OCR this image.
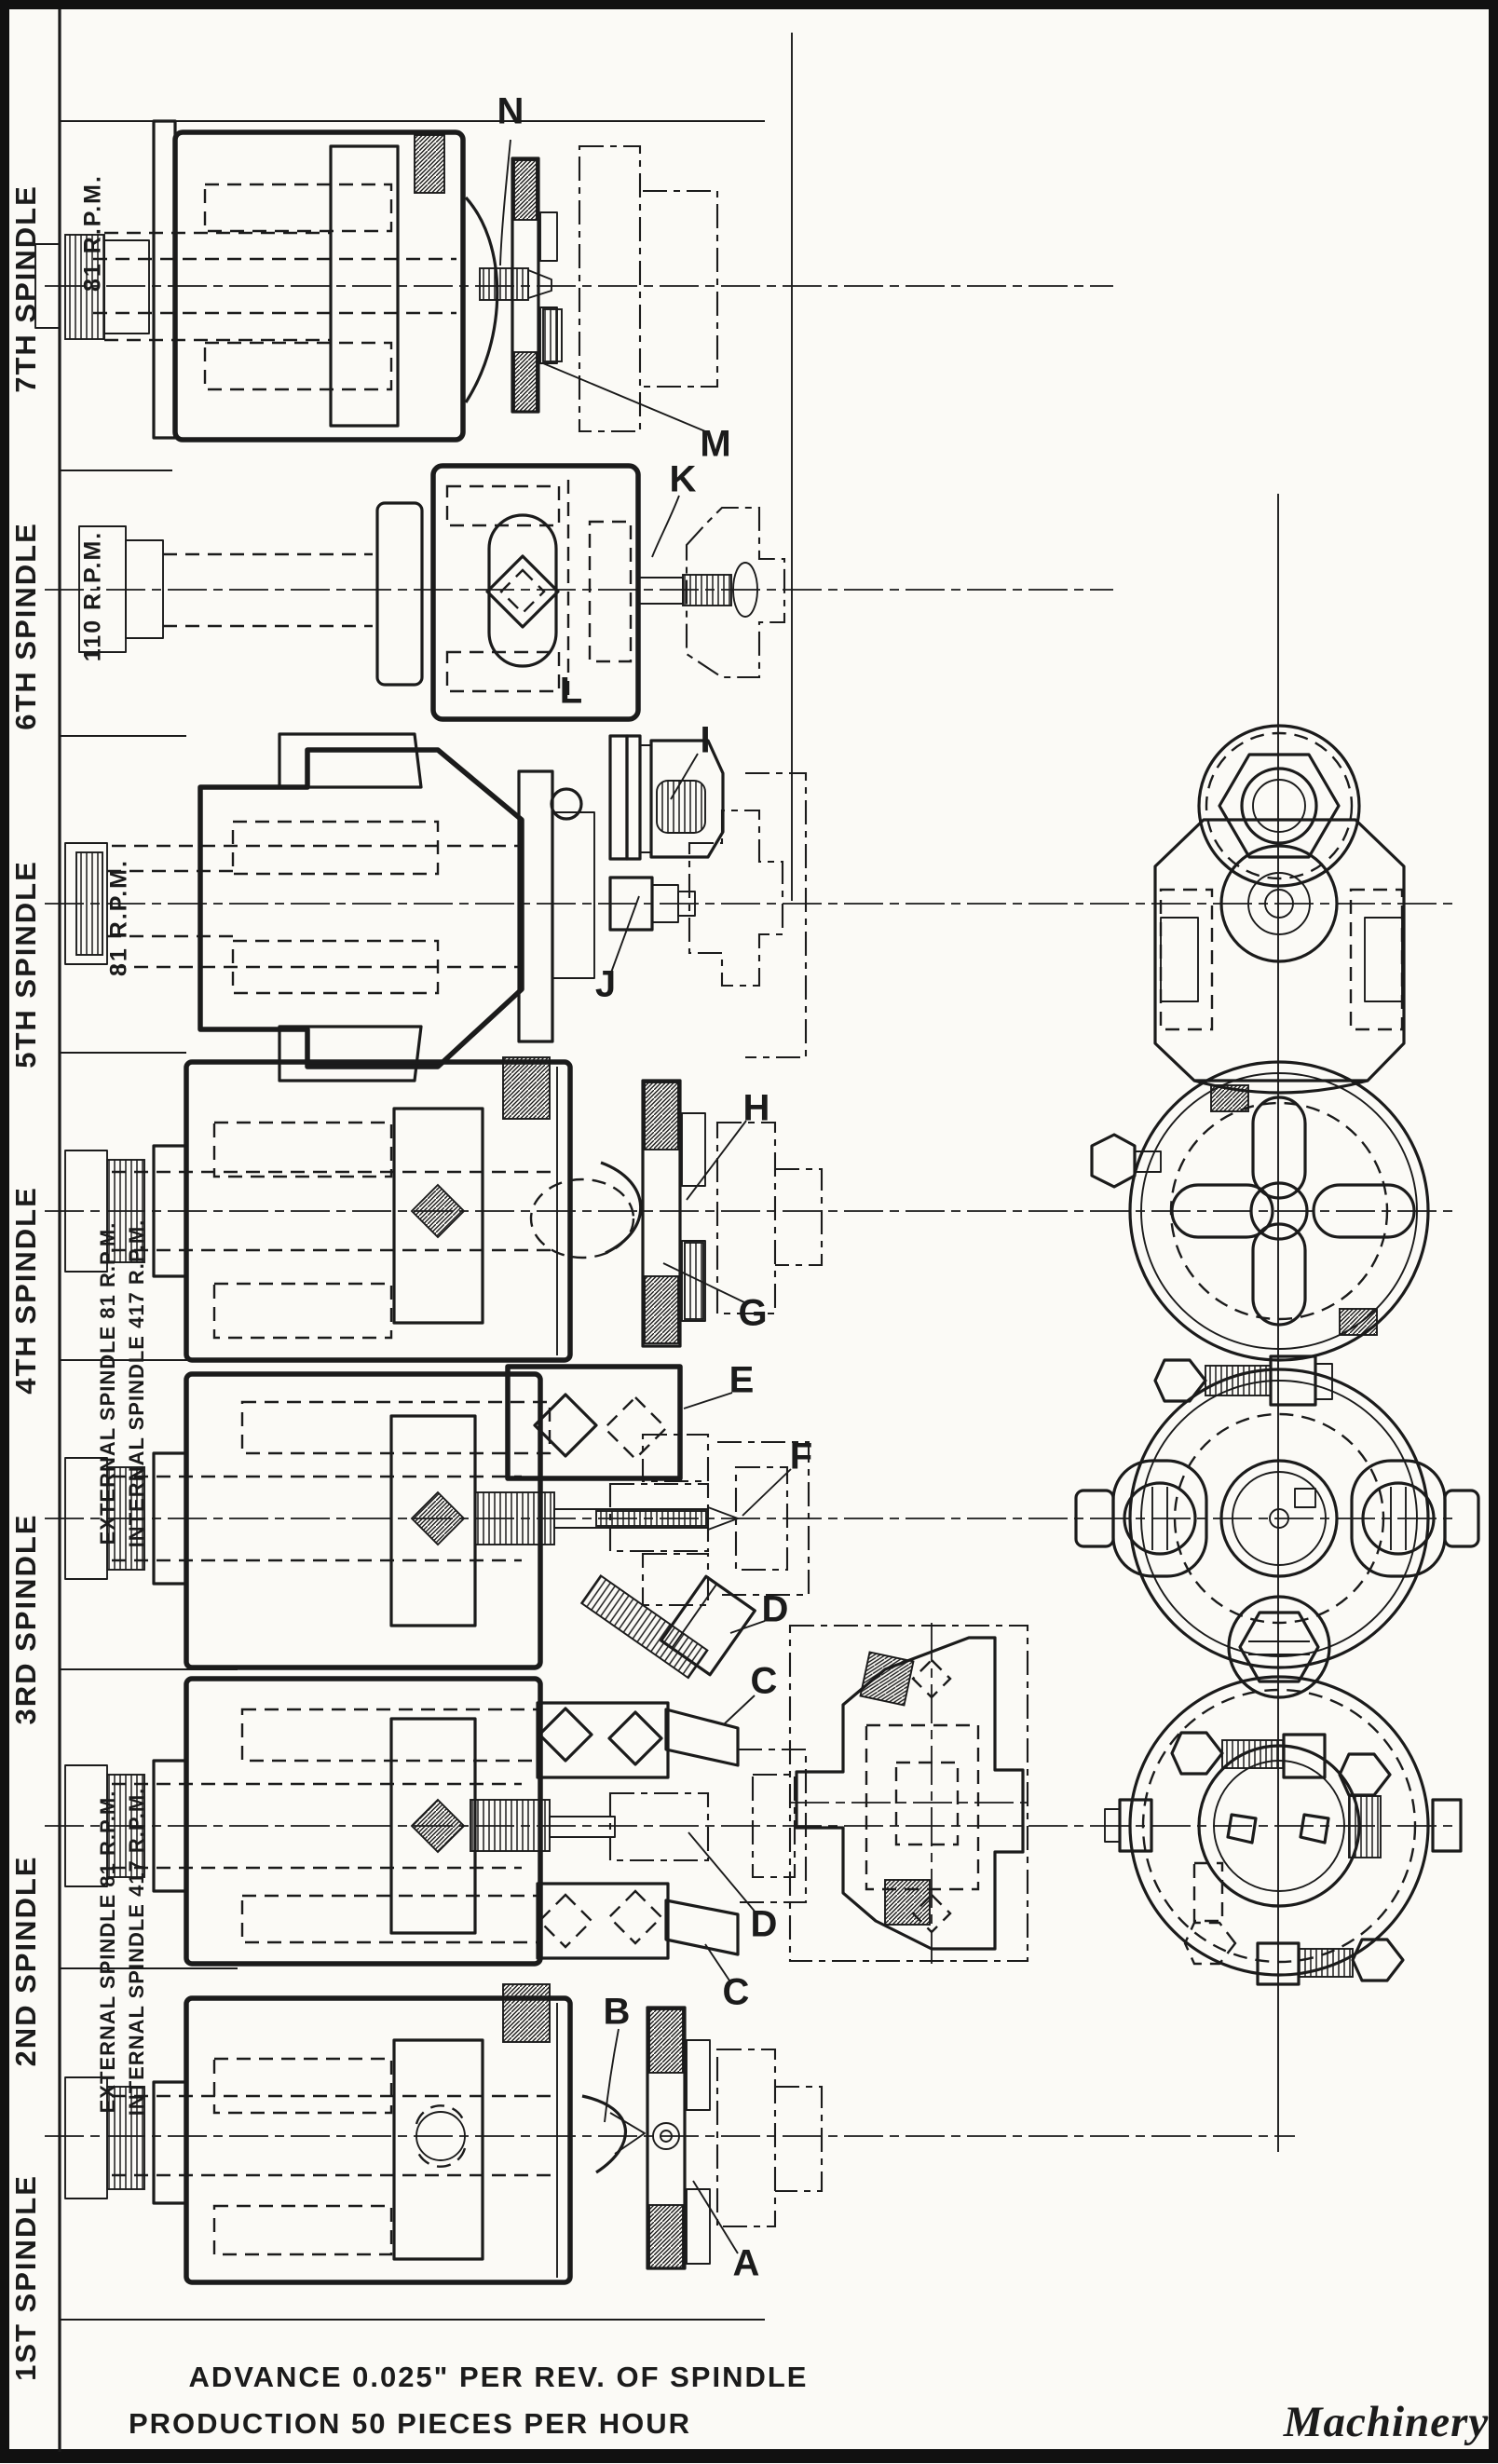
7TH SPINDLE
6TH SPINDLE
5TH SPINDLE
4TH SPINDLE
3RD SPINDLE
2ND SPINDLE
1ST SPINDLE
81 R.P.M.
110 R.P.M.
81 R.P.M.
EXTERNAL SPINDLE 81 R.P.M. INTERNAL SPINDLE 417 R.P.M.
EXTERNAL SPINDLE 81 R.P.M. INTERNAL SPINDLE 417 R.P.M.
N
M
K
L
I
J
H
G
E
F
D
C
D
C
B
A
ADVANCE 0.025" PER REV. OF SPINDLE
PRODUCTION 50 PIECES PER HOUR	Machinery
